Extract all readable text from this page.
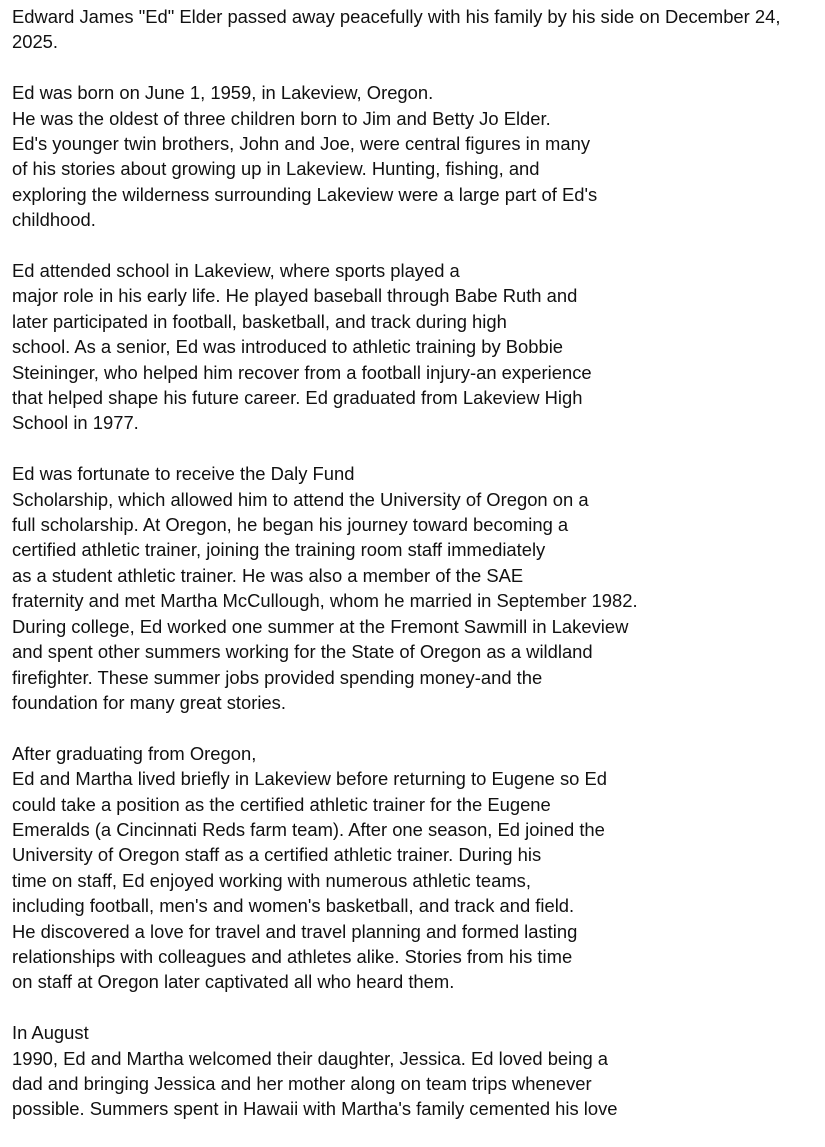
Edward James "Ed" Elder passed away peacefully with his family by his side on December 24,
2025.

Ed was born on June 1, 1959, in Lakeview, Oregon.
He was the oldest of three children born to Jim and Betty Jo Elder.
Ed's younger twin brothers, John and Joe, were central figures in many
of his stories about growing up in Lakeview. Hunting, fishing, and
exploring the wilderness surrounding Lakeview were a large part of Ed's
childhood.

Ed attended school in Lakeview, where sports played a
major role in his early life. He played baseball through Babe Ruth and
later participated in football, basketball, and track during high
school. As a senior, Ed was introduced to athletic training by Bobbie
Steininger, who helped him recover from a football injury-an experience
that helped shape his future career. Ed graduated from Lakeview High
School in 1977.

Ed was fortunate to receive the Daly Fund
Scholarship, which allowed him to attend the University of Oregon on a
full scholarship. At Oregon, he began his journey toward becoming a
certified athletic trainer, joining the training room staff immediately
as a student athletic trainer. He was also a member of the SAE
fraternity and met Martha McCullough, whom he married in September 1982.
During college, Ed worked one summer at the Fremont Sawmill in Lakeview
and spent other summers working for the State of Oregon as a wildland
firefighter. These summer jobs provided spending money-and the
foundation for many great stories.

After graduating from Oregon,
Ed and Martha lived briefly in Lakeview before returning to Eugene so Ed
could take a position as the certified athletic trainer for the Eugene
Emeralds (a Cincinnati Reds farm team). After one season, Ed joined the
University of Oregon staff as a certified athletic trainer. During his
time on staff, Ed enjoyed working with numerous athletic teams,
including football, men's and women's basketball, and track and field.
He discovered a love for travel and travel planning and formed lasting
relationships with colleagues and athletes alike. Stories from his time
on staff at Oregon later captivated all who heard them.

In August
1990, Ed and Martha welcomed their daughter, Jessica. Ed loved being a
dad and bringing Jessica and her mother along on team trips whenever
possible. Summers spent in Hawaii with Martha's family cemented his love
